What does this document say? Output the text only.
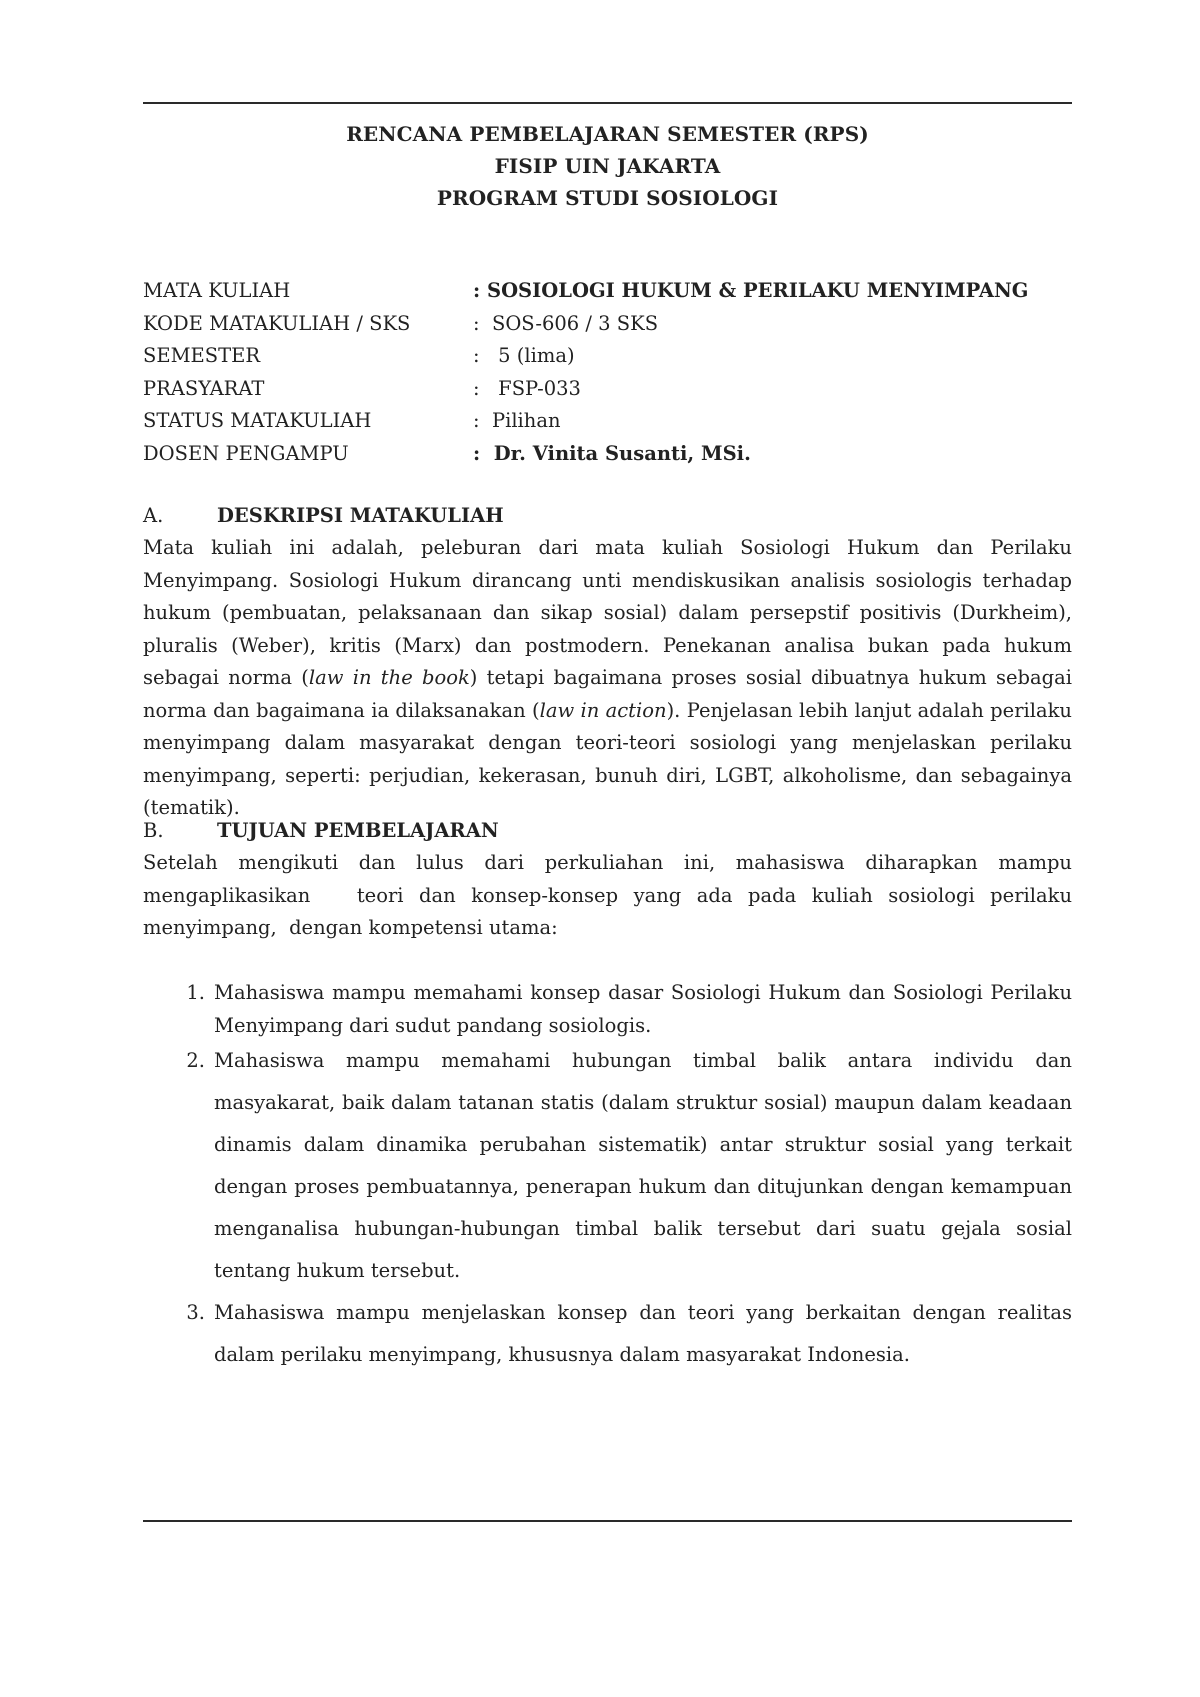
RENCANA PEMBELAJARAN SEMESTER (RPS)
FISIP UIN JAKARTA
PROGRAM STUDI SOSIOLOGI
MATA KULIAH	: SOSIOLOGI HUKUM & PERILAKU MENYIMPANG
KODE MATAKULIAH / SKS	:  SOS-606 / 3 SKS
SEMESTER	:   5 (lima)
PRASYARAT	:   FSP-033
STATUS MATAKULIAH	:  Pilihan
DOSEN PENGAMPU	:  Dr. Vinita Susanti, MSi.
A.	DESKRIPSI MATAKULIAH

Mata kuliah ini adalah, peleburan dari mata kuliah Sosiologi Hukum dan Perilaku Menyimpang. Sosiologi Hukum dirancang unti mendiskusikan analisis sosiologis terhadap hukum (pembuatan, pelaksanaan dan sikap sosial) dalam persepstif positivis (Durkheim), pluralis (Weber), kritis (Marx) dan postmodern. Penekanan analisa bukan pada hukum sebagai norma (law in the book) tetapi bagaimana proses sosial dibuatnya hukum sebagai norma dan bagaimana ia dilaksanakan (law in action). Penjelasan lebih lanjut adalah perilaku menyimpang dalam masyarakat dengan teori-teori sosiologi yang menjelaskan perilaku menyimpang, seperti: perjudian, kekerasan, bunuh diri, LGBT, alkoholisme, dan sebagainya (tematik).

B.	TUJUAN PEMBELAJARAN

Setelah mengikuti dan lulus dari perkuliahan ini, mahasiswa diharapkan mampu mengaplikasikan   teori dan konsep-konsep yang ada pada kuliah sosiologi perilaku menyimpang,  dengan kompetensi utama:

1. Mahasiswa mampu memahami konsep dasar Sosiologi Hukum dan Sosiologi Perilaku Menyimpang dari sudut pandang sosiologis.
2. Mahasiswa mampu memahami hubungan timbal balik antara individu dan masyakarat, baik dalam tatanan statis (dalam struktur sosial) maupun dalam keadaan dinamis dalam dinamika perubahan sistematik) antar struktur sosial yang terkait dengan proses pembuatannya, penerapan hukum dan ditujunkan dengan kemampuan menganalisa hubungan-hubungan timbal balik tersebut dari suatu gejala sosial tentang hukum tersebut.
3. Mahasiswa mampu menjelaskan konsep dan teori yang berkaitan dengan realitas dalam perilaku menyimpang, khususnya dalam masyarakat Indonesia.
